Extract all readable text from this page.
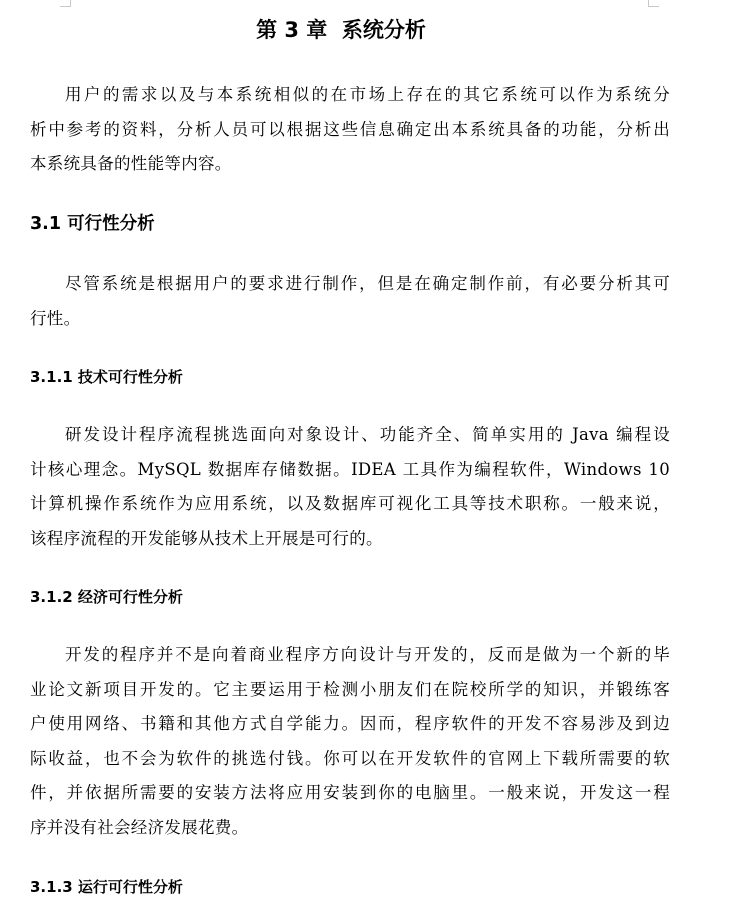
第 3 章  系统分析
用户的需求以及与本系统相似的在市场上存在的其它系统可以作为系统分
析中参考的资料，分析人员可以根据这些信息确定出本系统具备的功能，分析出
本系统具备的性能等内容。
3.1 可行性分析
尽管系统是根据用户的要求进行制作，但是在确定制作前，有必要分析其可
行性。
3.1.1 技术可行性分析
研发设计程序流程挑选面向对象设计、功能齐全、简单实用的 Java 编程设
计核心理念。MySQL 数据库存储数据。IDEA 工具作为编程软件，Windows 10
计算机操作系统作为应用系统，以及数据库可视化工具等技术职称。一般来说，
该程序流程的开发能够从技术上开展是可行的。
3.1.2 经济可行性分析
开发的程序并不是向着商业程序方向设计与开发的，反而是做为一个新的毕
业论文新项目开发的。它主要运用于检测小朋友们在院校所学的知识，并锻练客
户使用网络、书籍和其他方式自学能力。因而，程序软件的开发不容易涉及到边
际收益，也不会为软件的挑选付钱。你可以在开发软件的官网上下载所需要的软
件，并依据所需要的安装方法将应用安装到你的电脑里。一般来说，开发这一程
序并没有社会经济发展花费。
3.1.3 运行可行性分析
